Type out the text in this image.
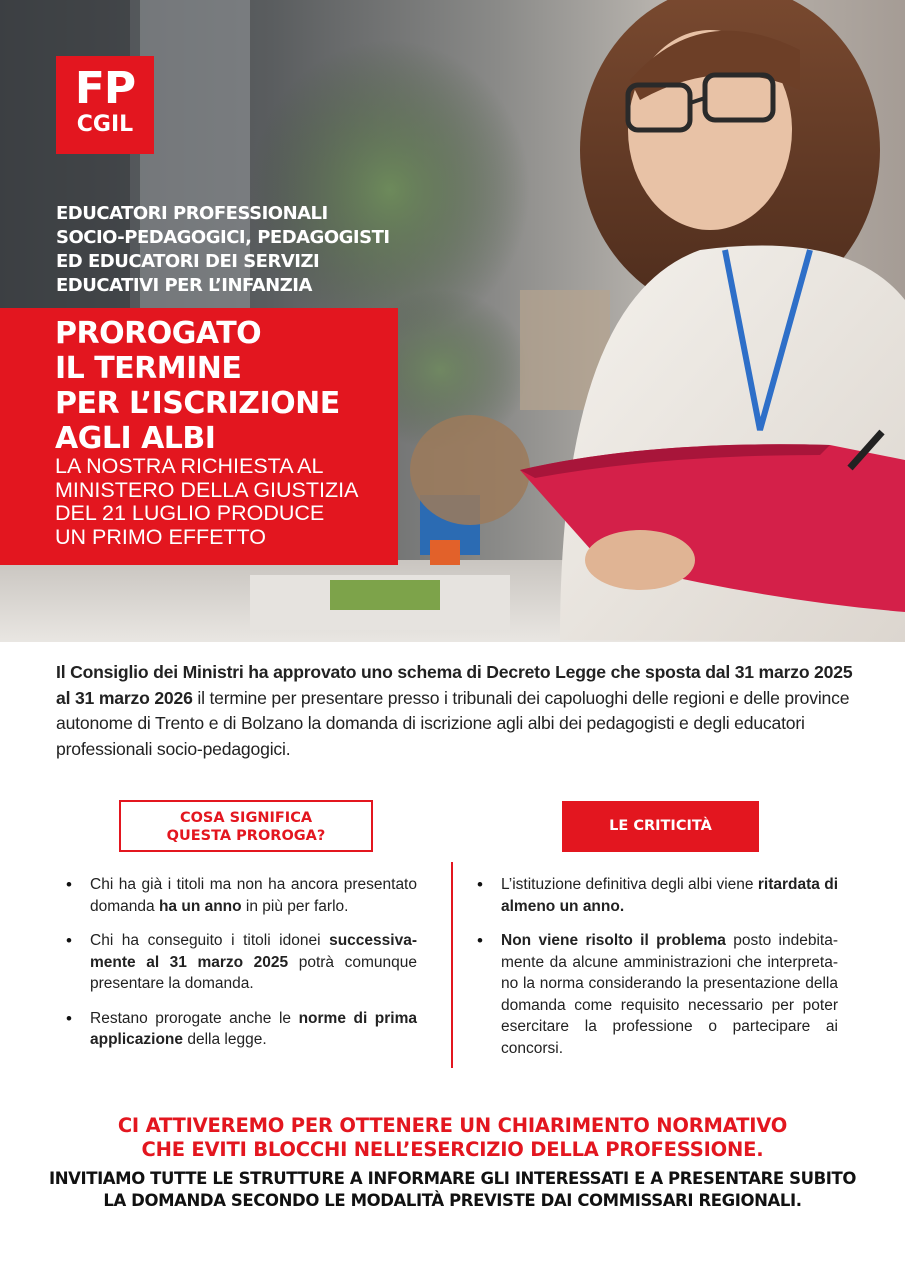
FP
CGIL
EDUCATORI PROFESSIONALI
SOCIO-PEDAGOGICI, PEDAGOGISTI
ED EDUCATORI DEI SERVIZI
EDUCATIVI PER L’INFANZIA
PROROGATO
IL TERMINE
PER L’ISCRIZIONE
AGLI ALBI
LA NOSTRA RICHIESTA AL
MINISTERO DELLA GIUSTIZIA
DEL 21 LUGLIO PRODUCE
UN PRIMO EFFETTO

Il Consiglio dei Ministri ha approvato uno schema di Decreto Legge che sposta dal 31 marzo 2025 al 31 marzo 2026 il termine per presentare presso i tribunali dei capoluoghi delle regioni e delle province autonome di Trento e di Bolzano la domanda di iscrizione agli albi dei pedagogisti e degli educatori professionali socio-pedagogici.

COSA SIGNIFICA
QUESTA PROROGA?
• Chi ha già i titoli ma non ha ancora presentato domanda ha un anno in più per farlo.
• Chi ha conseguito i titoli idonei successiva-mente al 31 marzo 2025 potrà comunque presentare la domanda.
• Restano prorogate anche le norme di prima applicazione della legge.
LE CRITICITÀ
• L’istituzione definitiva degli albi viene ritardata di almeno un anno.
• Non viene risolto il problema posto indebita-mente da alcune amministrazioni che interpreta-no la norma considerando la presentazione della domanda come requisito necessario per poter esercitare la professione o partecipare ai concorsi.
CI ATTIVEREMO PER OTTENERE UN CHIARIMENTO NORMATIVO
CHE EVITI BLOCCHI NELL’ESERCIZIO DELLA PROFESSIONE.
INVITIAMO TUTTE LE STRUTTURE A INFORMARE GLI INTERESSATI E A PRESENTARE SUBITO
LA DOMANDA SECONDO LE MODALITÀ PREVISTE DAI COMMISSARI REGIONALI.
